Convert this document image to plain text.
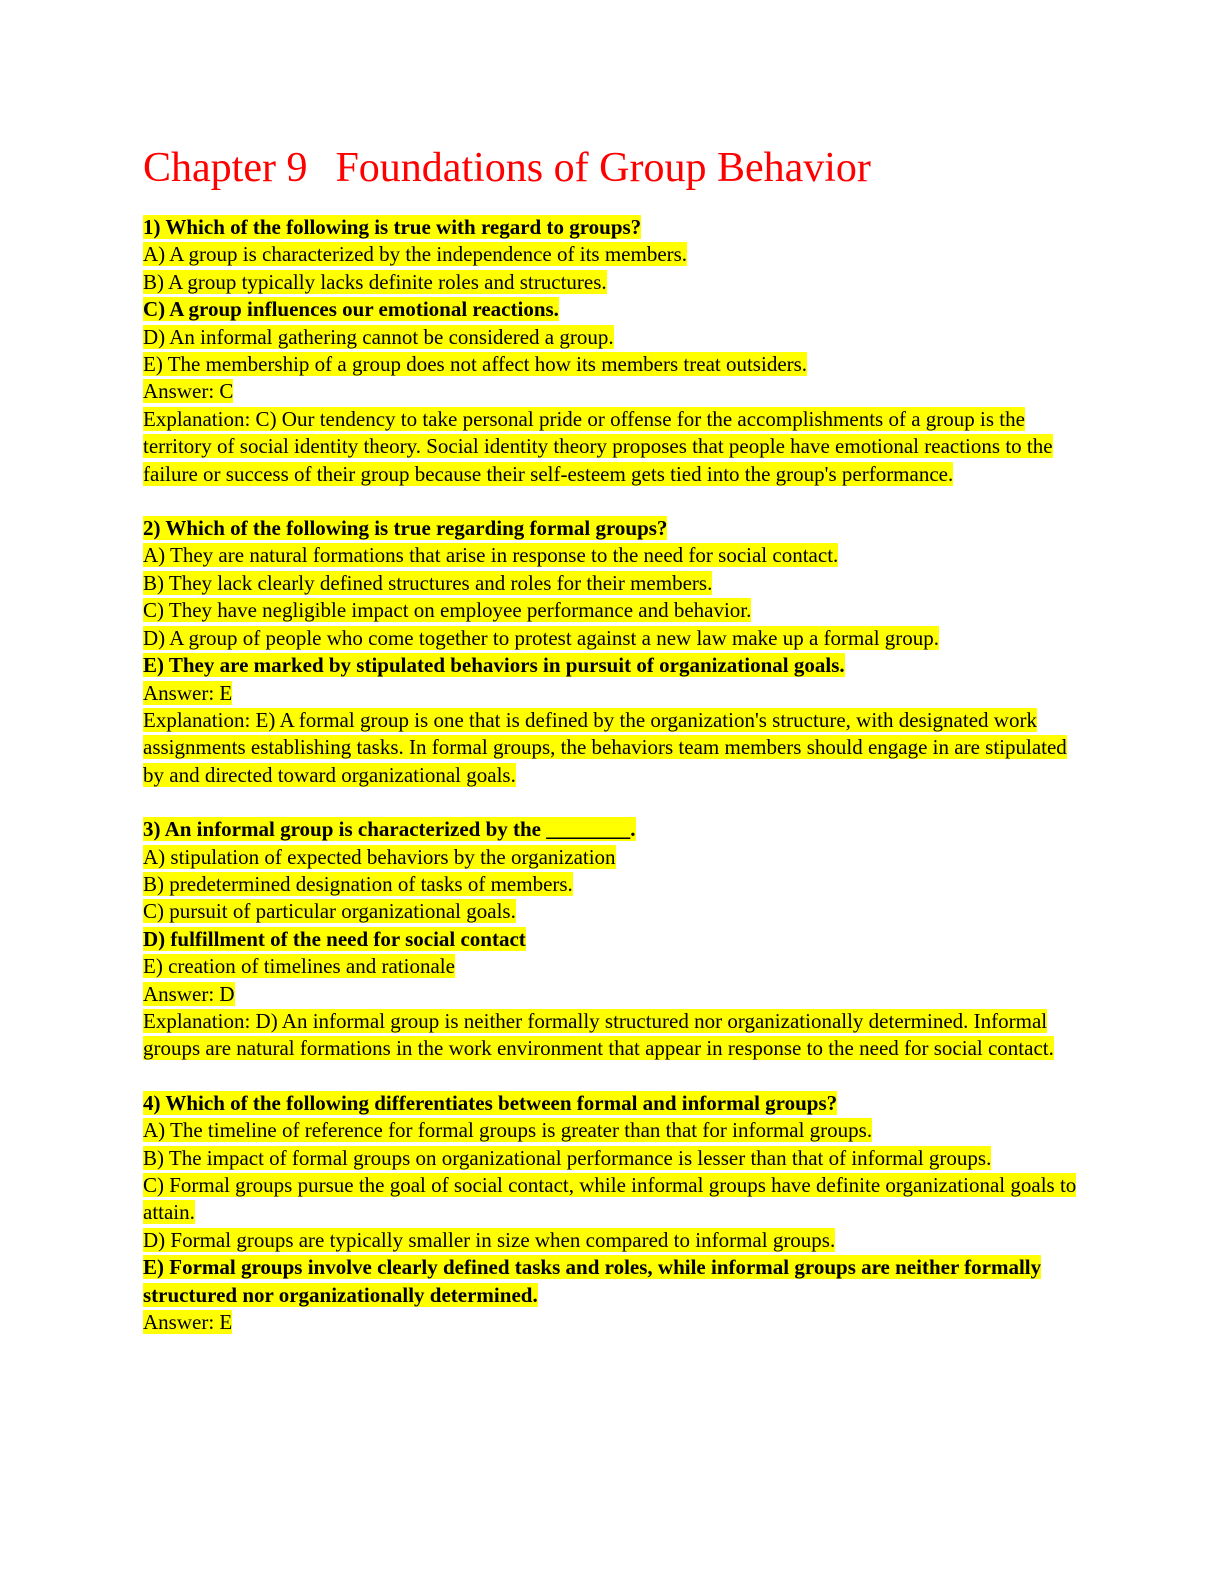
Chapter 9 Foundations of Group Behavior
1) Which of the following is true with regard to groups?
A) A group is characterized by the independence of its members.
B) A group typically lacks definite roles and structures.
C) A group influences our emotional reactions.
D) An informal gathering cannot be considered a group.
E) The membership of a group does not affect how its members treat outsiders.
Answer: C
Explanation: C) Our tendency to take personal pride or offense for the accomplishments of a group is the territory of social identity theory. Social identity theory proposes that people have emotional reactions to the failure or success of their group because their self-esteem gets tied into the group's performance.
2) Which of the following is true regarding formal groups?
A) They are natural formations that arise in response to the need for social contact.
B) They lack clearly defined structures and roles for their members.
C) They have negligible impact on employee performance and behavior.
D) A group of people who come together to protest against a new law make up a formal group.
E) They are marked by stipulated behaviors in pursuit of organizational goals.
Answer: E
Explanation: E) A formal group is one that is defined by the organization's structure, with designated work assignments establishing tasks. In formal groups, the behaviors team members should engage in are stipulated by and directed toward organizational goals.
3) An informal group is characterized by the ________.
A) stipulation of expected behaviors by the organization
B) predetermined designation of tasks of members.
C) pursuit of particular organizational goals.
D) fulfillment of the need for social contact
E) creation of timelines and rationale
Answer: D
Explanation: D) An informal group is neither formally structured nor organizationally determined. Informal groups are natural formations in the work environment that appear in response to the need for social contact.
4) Which of the following differentiates between formal and informal groups?
A) The timeline of reference for formal groups is greater than that for informal groups.
B) The impact of formal groups on organizational performance is lesser than that of informal groups.
C) Formal groups pursue the goal of social contact, while informal groups have definite organizational goals to attain.
D) Formal groups are typically smaller in size when compared to informal groups.
E) Formal groups involve clearly defined tasks and roles, while informal groups are neither formally structured nor organizationally determined.
Answer: E
